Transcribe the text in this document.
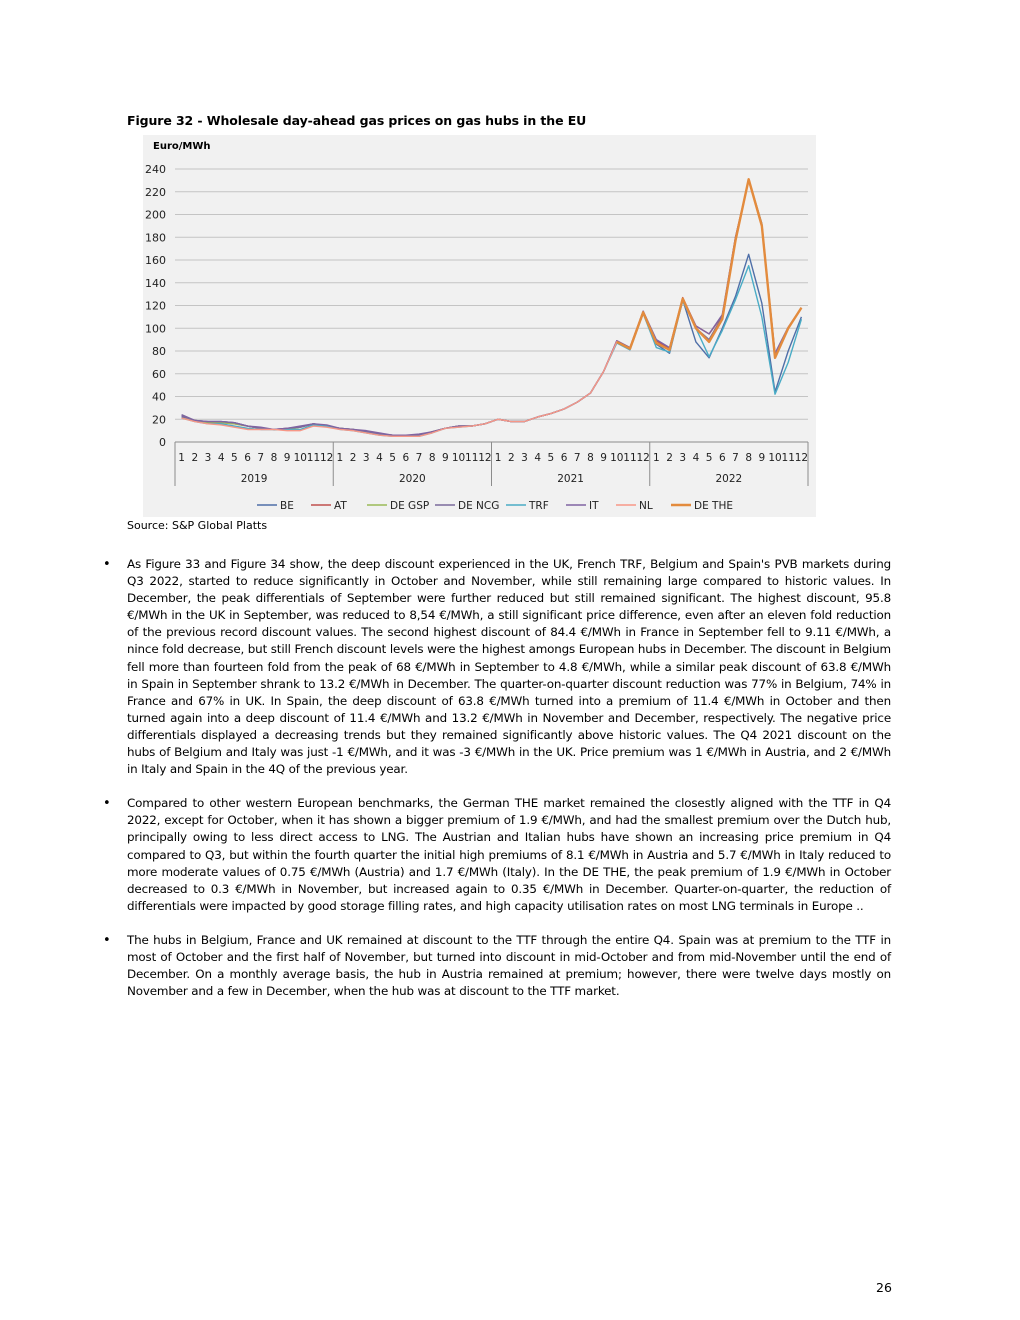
Figure 32 - Wholesale day-ahead gas prices on gas hubs in the EU
Euro/MWh
0
20
40
60
80
100
120
140
160
180
200
220
240
1 2 3 4 5 6 7 8 9 10 11 12 1 2 3 4 5 6 7 8 9 10 11 12 1 2 3 4 5 6 7 8 9 10 11 12 1 2 3 4 5 6 7 8 9 10 11 12
2019	2020	2021	2022
BE	AT	DE GSP	DE NCG	TRF	IT	NL	DE THE
Source: S&P Global Platts
• As Figure 33 and Figure 34 show, the deep discount experienced in the UK, French TRF, Belgium and Spain's PVB markets during Q3 2022, started to reduce significantly in October and November, while still remaining large compared to historic values. In December, the peak differentials of September were further reduced but still remained significant. The highest discount, 95.8 €/MWh in the UK in September, was reduced to 8,54 €/MWh, a still significant price difference, even after an eleven fold reduction of the previous record discount values. The second highest discount of 84.4 €/MWh in France in September fell to 9.11 €/MWh, a nince fold decrease, but still French discount levels were the highest amongs European hubs in December. The discount in Belgium fell more than fourteen fold from the peak of 68 €/MWh in September to 4.8 €/MWh, while a similar peak discount of 63.8 €/MWh in Spain in September shrank to 13.2 €/MWh in December. The quarter-on-quarter discount reduction was 77% in Belgium, 74% in France and 67% in UK. In Spain, the deep discount of 63.8 €/MWh turned into a premium of 11.4 €/MWh in October and then turned again into a deep discount of 11.4 €/MWh and 13.2 €/MWh in November and December, respectively. The negative price differentials displayed a decreasing trends but they remained significantly above historic values. The Q4 2021 discount on the hubs of Belgium and Italy was just -1 €/MWh, and it was -3 €/MWh in the UK. Price premium was 1 €/MWh in Austria, and 2 €/MWh in Italy and Spain in the 4Q of the previous year.
• Compared to other western European benchmarks, the German THE market remained the closestly aligned with the TTF in Q4 2022, except for October, when it has shown a bigger premium of 1.9 €/MWh, and had the smallest premium over the Dutch hub, principally owing to less direct access to LNG. The Austrian and Italian hubs have shown an increasing price premium in Q4 compared to Q3, but within the fourth quarter the initial high premiums of 8.1 €/MWh in Austria and 5.7 €/MWh in Italy reduced to more moderate values of 0.75 €/MWh (Austria) and 1.7 €/MWh (Italy). In the DE THE, the peak premium of 1.9 €/MWh in October decreased to 0.3 €/MWh in November, but increased again to 0.35 €/MWh in December. Quarter-on-quarter, the reduction of differentials were impacted by good storage filling rates, and high capacity utilisation rates on most LNG terminals in Europe ..
• The hubs in Belgium, France and UK remained at discount to the TTF through the entire Q4. Spain was at premium to the TTF in most of October and the first half of November, but turned into discount in mid-October and from mid-November until the end of December. On a monthly average basis, the hub in Austria remained at premium; however, there were twelve days mostly on November and a few in December, when the hub was at discount to the TTF market.
26
